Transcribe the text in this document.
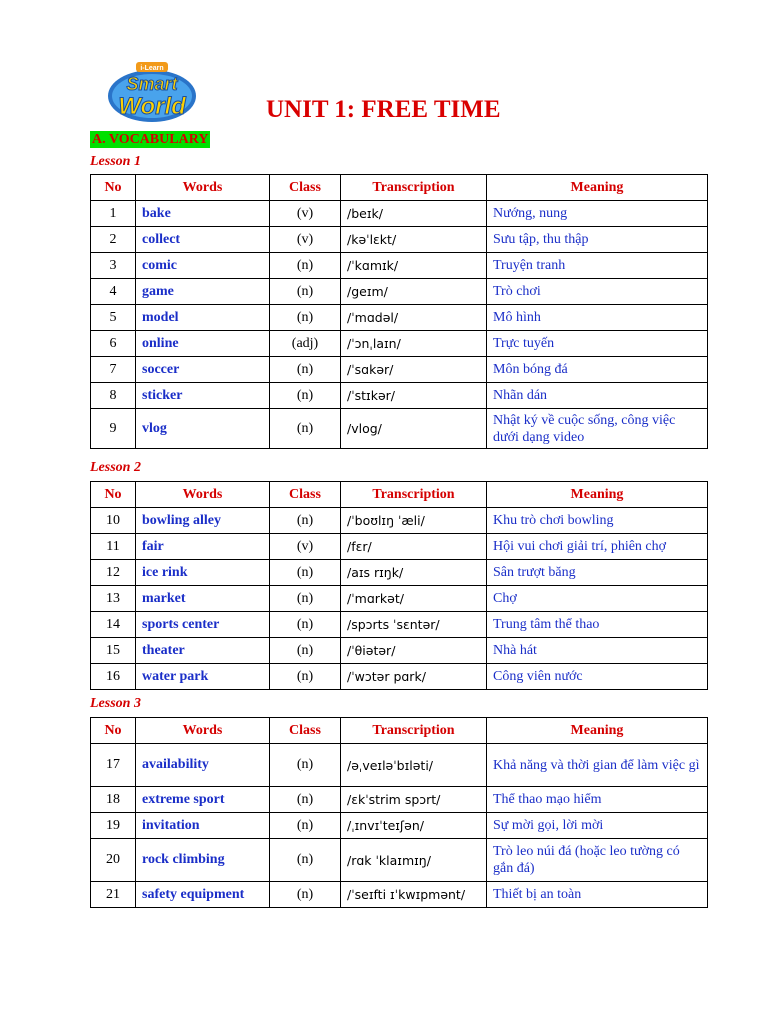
i-Learn
Smart
World	UNIT 1: FREE TIME
A. VOCABULARY
Lesson 1
No	Words	Class	Transcription	Meaning
1	bake	(v)	/beɪk/	Nướng, nung
2	collect	(v)	/kəˈlɛkt/	Sưu tập, thu thập
3	comic	(n)	/ˈkɑmɪk/	Truyện tranh
4	game	(n)	/geɪm/	Trò chơi
5	model	(n)	/ˈmɑdəl/	Mô hình
6	online	(adj)	/ˈɔnˌlaɪn/	Trực tuyến
7	soccer	(n)	/ˈsɑkər/	Môn bóng đá
8	sticker	(n)	/ˈstɪkər/	Nhãn dán
9	vlog	(n)	/vlog/	Nhật ký về cuộc sống, công việc dưới dạng video
Lesson 2
No	Words	Class	Transcription	Meaning
10	bowling alley	(n)	/ˈboʊlɪŋ ˈæli/	Khu trò chơi bowling
11	fair	(v)	/fɛr/	Hội vui chơi giải trí, phiên chợ
12	ice rink	(n)	/aɪs rɪŋk/	Sân trượt băng
13	market	(n)	/ˈmɑrkət/	Chợ
14	sports center	(n)	/spɔrts ˈsɛntər/	Trung tâm thể thao
15	theater	(n)	/ˈθiətər/	Nhà hát
16	water park	(n)	/ˈwɔtər pɑrk/	Công viên nước
Lesson 3
No	Words	Class	Transcription	Meaning
17	availability	(n)	/əˌveɪləˈbɪləti/	Khả năng và thời gian để làm việc gì
18	extreme sport	(n)	/ɛkˈstrim spɔrt/	Thể thao mạo hiểm
19	invitation	(n)	/ˌɪnvɪˈteɪʃən/	Sự mời gọi, lời mời
20	rock climbing	(n)	/rɑk ˈklaɪmɪŋ/	Trò leo núi đá (hoặc leo tường có gắn đá)
21	safety equipment	(n)	/ˈseɪfti ɪˈkwɪpmənt/	Thiết bị an toàn
